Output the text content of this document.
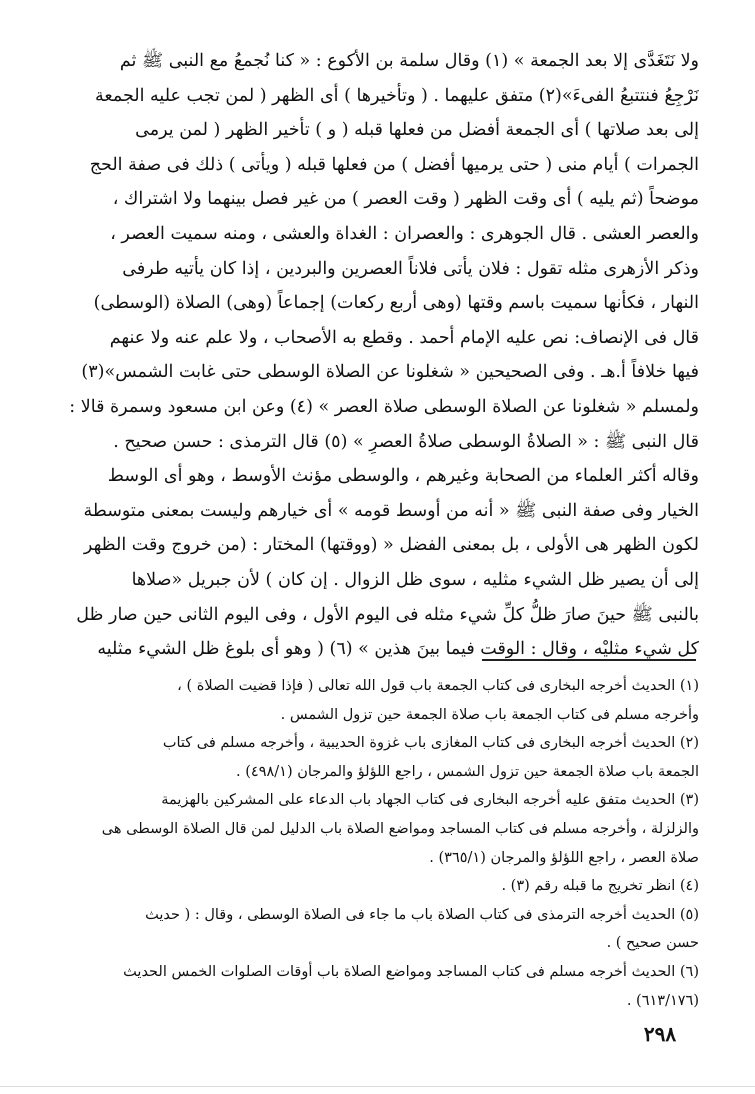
ولا نَتَغَدَّى إلا بعد الجمعة » (١) وقال سلمة بن الأكوع : « كنا نُجمعُ مع النبى ﷺ ثم
نَرْجِعُ فنتتبعُ الفىءَ»(٢) متفق عليهما . ( وتأخيرها ) أى الظهر ( لمن تجب عليه الجمعة
إلى بعد صلاتها ) أى الجمعة أفضل من فعلها قبله ( و ) تأخير الظهر ( لمن يرمى
الجمرات ) أيام منى ( حتى يرميها أفضل ) من فعلها قبله ( ويأتى ) ذلك فى صفة الحج
موضحاً (ثم يليه ) أى وقت الظهر ( وقت العصر ) من غير فصل بينهما ولا اشتراك ،
والعصر العشى . قال الجوهرى : والعصران : الغداة والعشى ، ومنه سميت العصر ،
وذكر الأزهرى مثله تقول : فلان يأتى فلاناً العصرين والبردين ، إذا كان يأتيه طرفى
النهار ، فكأنها سميت باسم وقتها (وهى أربع ركعات) إجماعاً (وهى) الصلاة (الوسطى)
قال فى الإنصاف: نص عليه الإمام أحمد . وقطع به الأصحاب ، ولا علم عنه ولا عنهم
فيها خلافاً أ.هـ . وفى الصحيحين « شغلونا عن الصلاة الوسطى حتى غابت الشمس»(٣)
ولمسلم « شغلونا عن الصلاة الوسطى صلاة العصر » (٤) وعن ابن مسعود وسمرة قالا :
قال النبى ﷺ : « الصلاةُ الوسطى صلاةُ العصرِ » (٥) قال الترمذى : حسن صحيح .
وقاله أكثر العلماء من الصحابة وغيرهم ، والوسطى مؤنث الأوسط ، وهو أى الوسط
الخيار وفى صفة النبى ﷺ « أنه من أوسط قومه » أى خيارهم وليست بمعنى متوسطة
لكون الظهر هى الأولى ، بل بمعنى الفضل « (ووقتها) المختار : (من خروج وقت الظهر
إلى أن يصير ظل الشيء مثليه ، سوى ظل الزوال . إن كان ) لأن جبريل «صلاها
بالنبى ﷺ حينَ صارَ ظلُّ كلِّ شيء مثله فى اليوم الأول ، وفى اليوم الثانى حين صار ظل
كل شيء مثليْه ، وقال : الوقت فيما بينَ هذين » (٦) ( وهو أى بلوغ ظل الشيء مثليه
(١) الحديث أخرجه البخارى فى كتاب الجمعة باب قول الله تعالى ( فإذا قضيت الصلاة ) ،
وأخرجه مسلم فى كتاب الجمعة باب صلاة الجمعة حين تزول الشمس .
(٢) الحديث أخرجه البخارى فى كتاب المغازى باب غزوة الحديبية ، وأخرجه مسلم فى كتاب
الجمعة باب صلاة الجمعة حين تزول الشمس ، راجع اللؤلؤ والمرجان (٤٩٨/١) .
(٣) الحديث متفق عليه أخرجه البخارى فى كتاب الجهاد باب الدعاء على المشركين بالهزيمة
والزلزلة ، وأخرجه مسلم فى كتاب المساجد ومواضع الصلاة باب الدليل لمن قال الصلاة الوسطى هى
صلاة العصر ، راجع اللؤلؤ والمرجان (٣٦٥/١) .
(٤) انظر تخريج ما قبله رقم (٣) .
(٥) الحديث أخرجه الترمذى فى كتاب الصلاة باب ما جاء فى الصلاة الوسطى ، وقال : ( حديث
حسن صحيح ) .
(٦) الحديث أخرجه مسلم فى كتاب المساجد ومواضع الصلاة باب أوقات الصلوات الخمس الحديث
(٦١٣/١٧٦) .
٢٩٨
